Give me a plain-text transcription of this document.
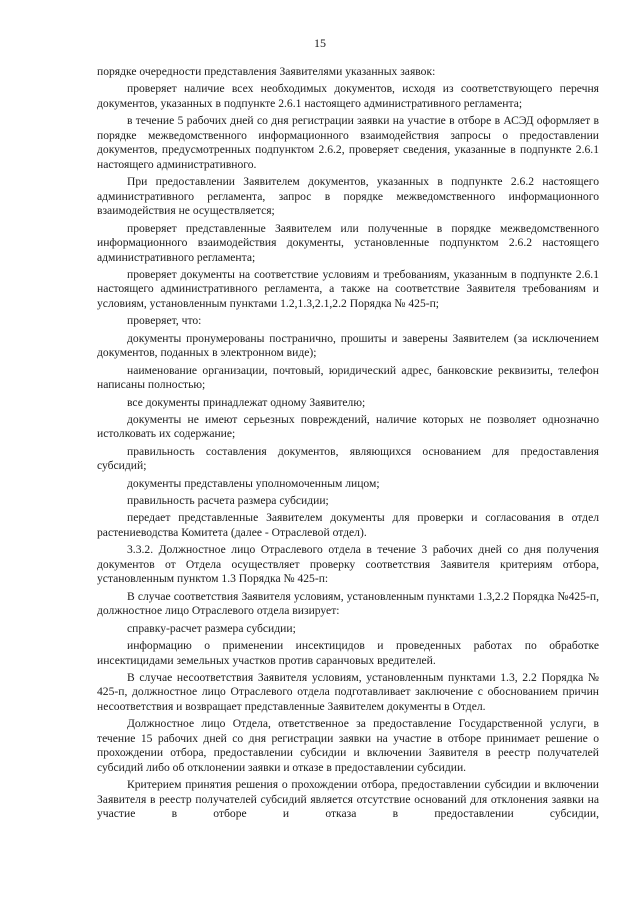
15

порядке очередности представления Заявителями указанных заявок:

проверяет наличие всех необходимых документов, исходя из соответствующего перечня документов, указанных в подпункте 2.6.1 настоящего административного регламента;

в течение 5 рабочих дней со дня регистрации заявки на участие в отборе в АСЭД оформляет в порядке межведомственного информационного взаимодействия запросы о предоставлении документов, предусмотренных подпунктом 2.6.2, проверяет сведения, указанные в подпункте 2.6.1 настоящего административного.

При предоставлении Заявителем документов, указанных в подпункте 2.6.2 настоящего административного регламента, запрос в порядке межведомственного информационного взаимодействия не осуществляется;

проверяет представленные Заявителем или полученные в порядке межведомственного информационного взаимодействия документы, установленные подпунктом 2.6.2 настоящего административного регламента;

проверяет документы на соответствие условиям и требованиям, указанным в подпункте 2.6.1 настоящего административного регламента, а также на соответствие Заявителя требованиям и условиям, установленным пунктами 1.2,1.3,2.1,2.2 Порядка № 425-п;

проверяет, что:

документы пронумерованы постранично, прошиты и заверены Заявителем (за исключением документов, поданных в электронном виде);

наименование организации, почтовый, юридический адрес, банковские реквизиты, телефон написаны полностью;

все документы принадлежат одному Заявителю;

документы не имеют серьезных повреждений, наличие которых не позволяет однозначно истолковать их содержание;

правильность составления документов, являющихся основанием для предоставления субсидий;

документы представлены уполномоченным лицом;

правильность расчета размера субсидии;

передает представленные Заявителем документы для проверки и согласования в отдел растениеводства Комитета (далее - Отраслевой отдел).

3.3.2. Должностное лицо Отраслевого отдела в течение 3 рабочих дней со дня получения документов от Отдела осуществляет проверку соответствия Заявителя критериям отбора, установленным пунктом 1.3 Порядка № 425-п:

В случае соответствия Заявителя условиям, установленным пунктами 1.3,2.2 Порядка №425-п, должностное лицо Отраслевого отдела визирует:

справку-расчет размера субсидии;

информацию о применении инсектицидов и проведенных работах по обработке инсектицидами земельных участков против саранчовых вредителей.

В случае несоответствия Заявителя условиям, установленным пунктами 1.3, 2.2 Порядка № 425-п, должностное лицо Отраслевого отдела подготавливает заключение с обоснованием причин несоответствия и возвращает представленные Заявителем документы в Отдел.

Должностное лицо Отдела, ответственное за предоставление Государственной услуги, в течение 15 рабочих дней со дня регистрации заявки на участие в отборе принимает решение о прохождении отбора, предоставлении субсидии и включении Заявителя в реестр получателей субсидий либо об отклонении заявки и отказе в предоставлении субсидии.

Критерием принятия решения о прохождении отбора, предоставлении субсидии и включении Заявителя в реестр получателей субсидий является отсутствие оснований для отклонения заявки на участие в отборе и отказа в предоставлении субсидии,
